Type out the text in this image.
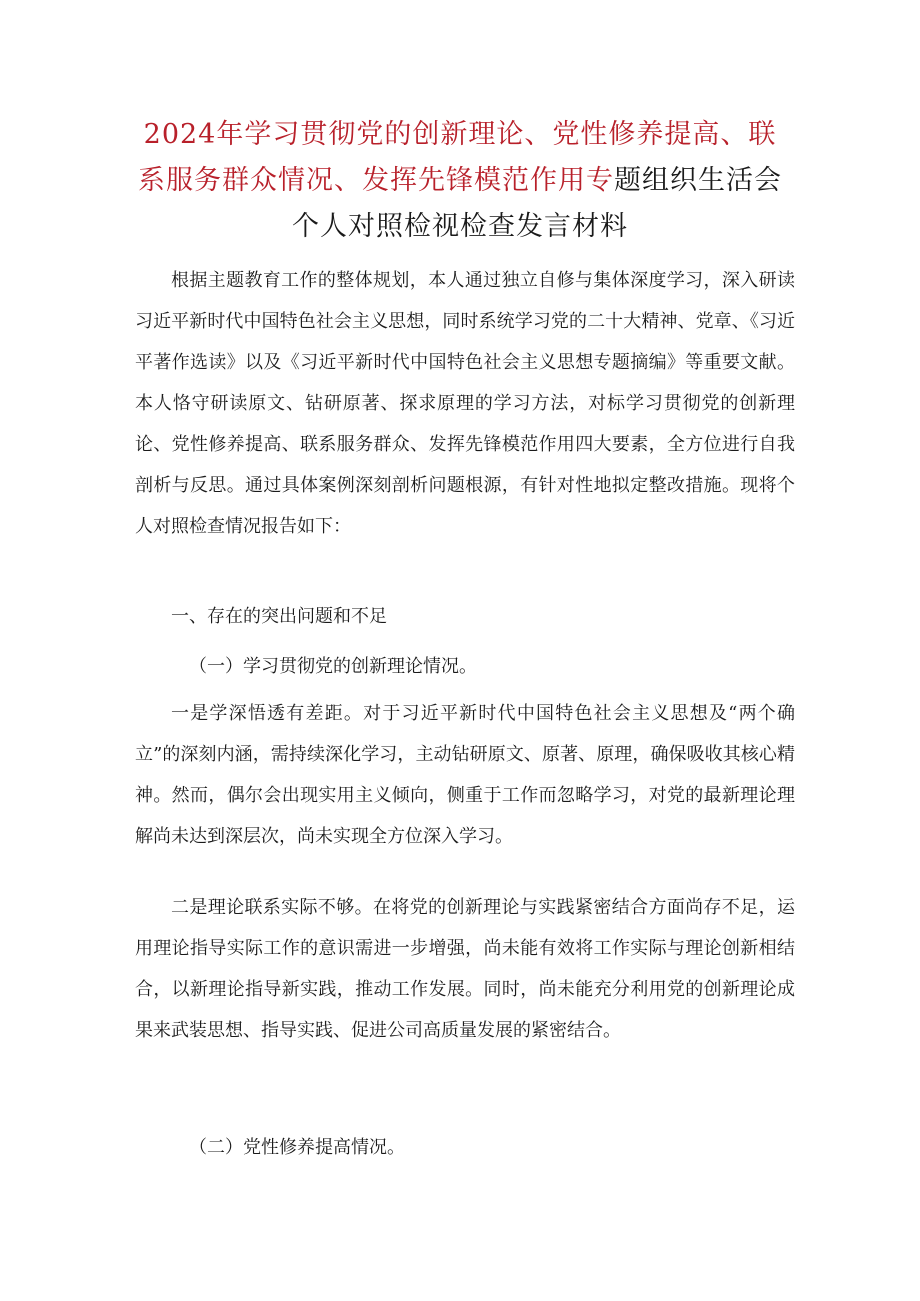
2024年学习贯彻党的创新理论、党性修养提高、联系服务群众情况、发挥先锋模范作用专题组织生活会个人对照检视检查发言材料

根据主题教育工作的整体规划，本人通过独立自修与集体深度学习，深入研读习近平新时代中国特色社会主义思想，同时系统学习党的二十大精神、党章、《习近平著作选读》以及《习近平新时代中国特色社会主义思想专题摘编》等重要文献。本人恪守研读原文、钻研原著、探求原理的学习方法，对标学习贯彻党的创新理论、党性修养提高、联系服务群众、发挥先锋模范作用四大要素，全方位进行自我剖析与反思。通过具体案例深刻剖析问题根源，有针对性地拟定整改措施。现将个人对照检查情况报告如下：

一、存在的突出问题和不足

（一）学习贯彻党的创新理论情况。

一是学深悟透有差距。对于习近平新时代中国特色社会主义思想及“两个确立”的深刻内涵，需持续深化学习，主动钻研原文、原著、原理，确保吸收其核心精神。然而，偶尔会出现实用主义倾向，侧重于工作而忽略学习，对党的最新理论理解尚未达到深层次，尚未实现全方位深入学习。

二是理论联系实际不够。在将党的创新理论与实践紧密结合方面尚存不足，运用理论指导实际工作的意识需进一步增强，尚未能有效将工作实际与理论创新相结合，以新理论指导新实践，推动工作发展。同时，尚未能充分利用党的创新理论成果来武装思想、指导实践、促进公司高质量发展的紧密结合。

（二）党性修养提高情况。
